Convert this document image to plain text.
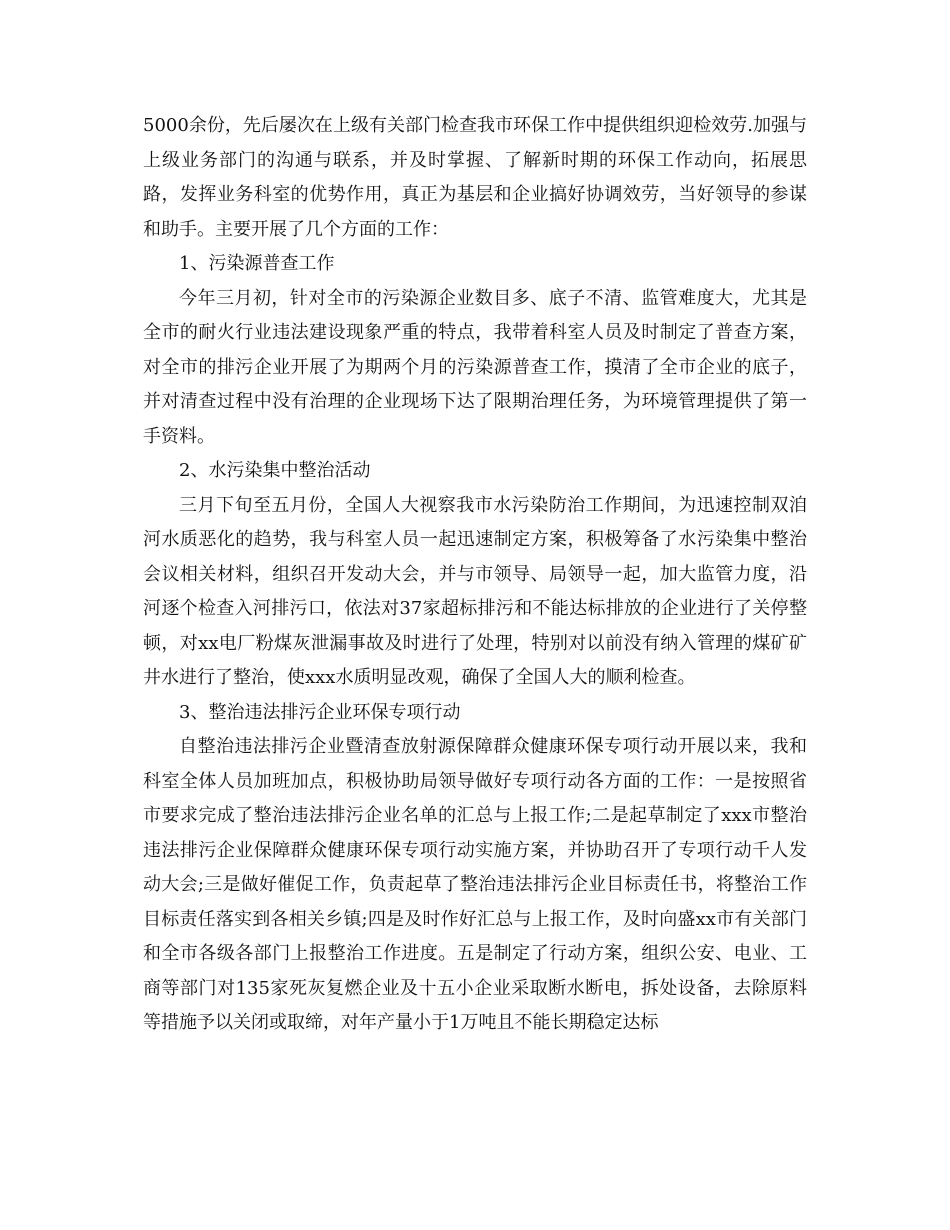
5000余份，先后屡次在上级有关部门检查我市环保工作中提供组织迎检效劳.加强与上级业务部门的沟通与联系，并及时掌握、了解新时期的环保工作动向，拓展思路，发挥业务科室的优势作用，真正为基层和企业搞好协调效劳，当好领导的参谋和助手。主要开展了几个方面的工作：

1、污染源普查工作

今年三月初，针对全市的污染源企业数目多、底子不清、监管难度大，尤其是全市的耐火行业违法建设现象严重的特点，我带着科室人员及时制定了普查方案，对全市的排污企业开展了为期两个月的污染源普查工作，摸清了全市企业的底子，并对清查过程中没有治理的企业现场下达了限期治理任务，为环境管理提供了第一手资料。

2、水污染集中整治活动

三月下旬至五月份，全国人大视察我市水污染防治工作期间，为迅速控制双洎河水质恶化的趋势，我与科室人员一起迅速制定方案，积极筹备了水污染集中整治会议相关材料，组织召开发动大会，并与市领导、局领导一起，加大监管力度，沿河逐个检查入河排污口，依法对37家超标排污和不能达标排放的企业进行了关停整顿，对xx电厂粉煤灰泄漏事故及时进行了处理，特别对以前没有纳入管理的煤矿矿井水进行了整治，使xxx水质明显改观，确保了全国人大的顺利检查。

3、整治违法排污企业环保专项行动

自整治违法排污企业暨清查放射源保障群众健康环保专项行动开展以来，我和科室全体人员加班加点，积极协助局领导做好专项行动各方面的工作：一是按照省市要求完成了整治违法排污企业名单的汇总与上报工作;二是起草制定了xxx市整治违法排污企业保障群众健康环保专项行动实施方案，并协助召开了专项行动千人发动大会;三是做好催促工作，负责起草了整治违法排污企业目标责任书，将整治工作目标责任落实到各相关乡镇;四是及时作好汇总与上报工作，及时向盛xx市有关部门和全市各级各部门上报整治工作进度。五是制定了行动方案，组织公安、电业、工商等部门对135家死灰复燃企业及十五小企业采取断水断电，拆处设备，去除原料等措施予以关闭或取缔，对年产量小于1万吨且不能长期稳定达标
